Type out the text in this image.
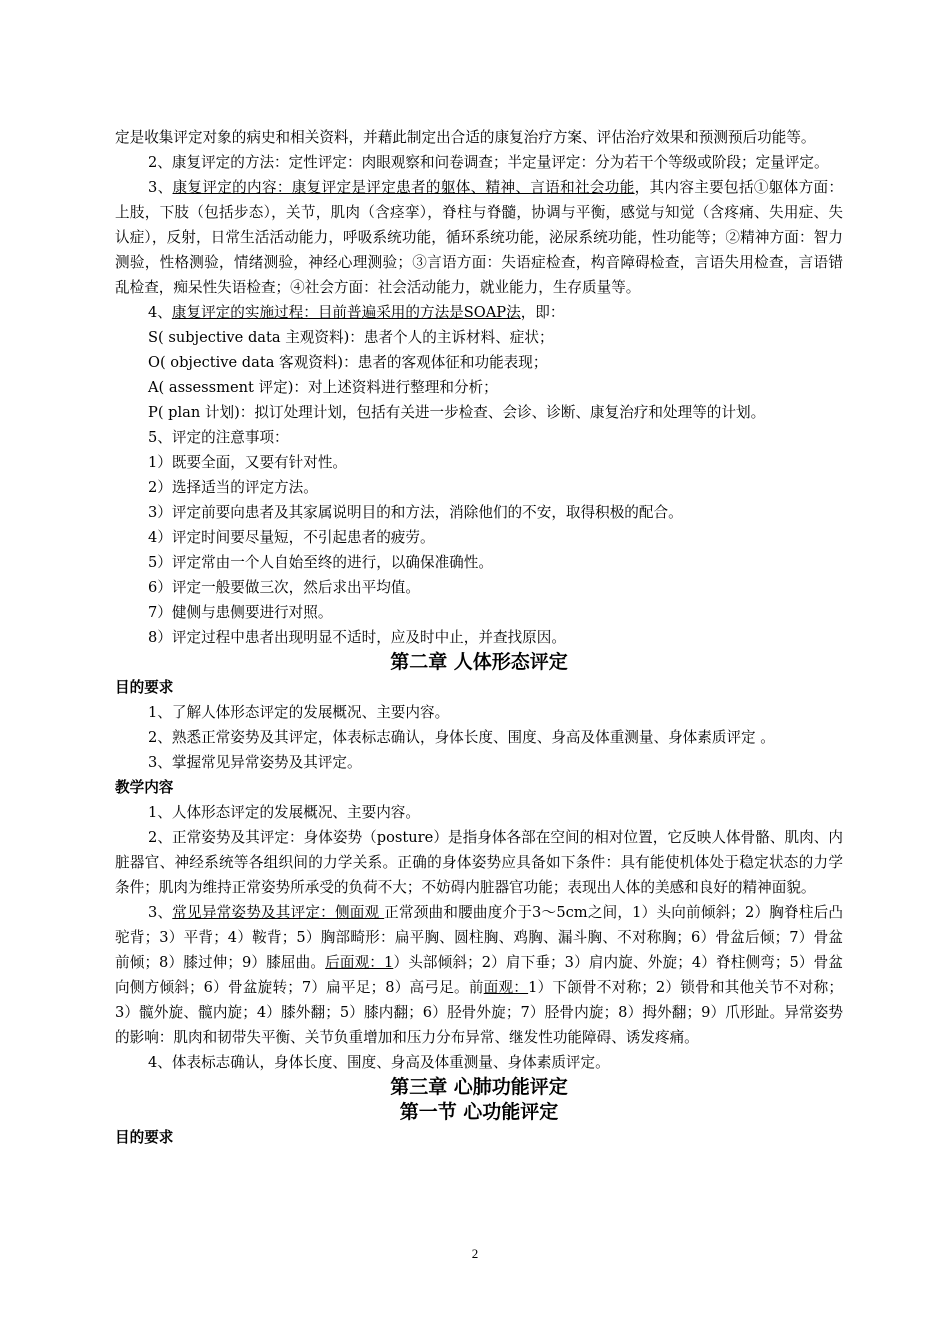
定是收集评定对象的病史和相关资料，并藉此制定出合适的康复治疗方案、评估治疗效果和预测预后功能等。

2、康复评定的方法：定性评定：肉眼观察和问卷调查；半定量评定：分为若干个等级或阶段；定量评定。

3、康复评定的内容：康复评定是评定患者的躯体、精神、言语和社会功能，其内容主要包括①躯体方面：上肢，下肢（包括步态），关节，肌肉（含痉挛），脊柱与脊髓，协调与平衡，感觉与知觉（含疼痛、失用症、失认症），反射，日常生活活动能力，呼吸系统功能，循环系统功能，泌尿系统功能，性功能等；②精神方面：智力测验，性格测验，情绪测验，神经心理测验；③言语方面：失语症检查，构音障碍检查，言语失用检查，言语错乱检查，痴呆性失语检查；④社会方面：社会活动能力，就业能力，生存质量等。

4、康复评定的实施过程：目前普遍采用的方法是SOAP法，即：

S( subjective data 主观资料)：患者个人的主诉材料、症状；

O( objective data 客观资料)：患者的客观体征和功能表现；

A( assessment 评定)：对上述资料进行整理和分析；

P( plan 计划)：拟订处理计划，包括有关进一步检查、会诊、诊断、康复治疗和处理等的计划。

5、评定的注意事项：

1）既要全面，又要有针对性。

2）选择适当的评定方法。

3）评定前要向患者及其家属说明目的和方法，消除他们的不安，取得积极的配合。

4）评定时间要尽量短，不引起患者的疲劳。

5）评定常由一个人自始至终的进行，以确保准确性。

6）评定一般要做三次，然后求出平均值。

7）健侧与患侧要进行对照。

8）评定过程中患者出现明显不适时，应及时中止，并查找原因。

第二章 人体形态评定
目的要求

1、了解人体形态评定的发展概况、主要内容。

2、熟悉正常姿势及其评定，体表标志确认，身体长度、围度、身高及体重测量、身体素质评定 。

3、掌握常见异常姿势及其评定。

教学内容

1、人体形态评定的发展概况、主要内容。

2、正常姿势及其评定：身体姿势（posture）是指身体各部在空间的相对位置，它反映人体骨骼、肌肉、内脏器官、神经系统等各组织间的力学关系。正确的身体姿势应具备如下条件：具有能使机体处于稳定状态的力学条件；肌肉为维持正常姿势所承受的负荷不大；不妨碍内脏器官功能；表现出人体的美感和良好的精神面貌。

3、常见异常姿势及其评定：侧面观 正常颈曲和腰曲度介于3～5cm之间，1）头向前倾斜；2）胸脊柱后凸驼背；3）平背；4）鞍背；5）胸部畸形：扁平胸、圆柱胸、鸡胸、漏斗胸、不对称胸；6）骨盆后倾；7）骨盆前倾；8）膝过伸；9）膝屈曲。后面观：1）头部倾斜；2）肩下垂；3）肩内旋、外旋；4）脊柱侧弯；5）骨盆向侧方倾斜；6）骨盆旋转；7）扁平足；8）高弓足。前面观：1）下颌骨不对称；2）锁骨和其他关节不对称；3）髋外旋、髋内旋；4）膝外翻；5）膝内翻；6）胫骨外旋；7）胫骨内旋；8）拇外翻；9）爪形趾。异常姿势的影响：肌肉和韧带失平衡、关节负重增加和压力分布异常、继发性功能障碍、诱发疼痛。

4、体表标志确认，身体长度、围度、身高及体重测量、身体素质评定。

第三章 心肺功能评定
第一节 心功能评定
目的要求
2
